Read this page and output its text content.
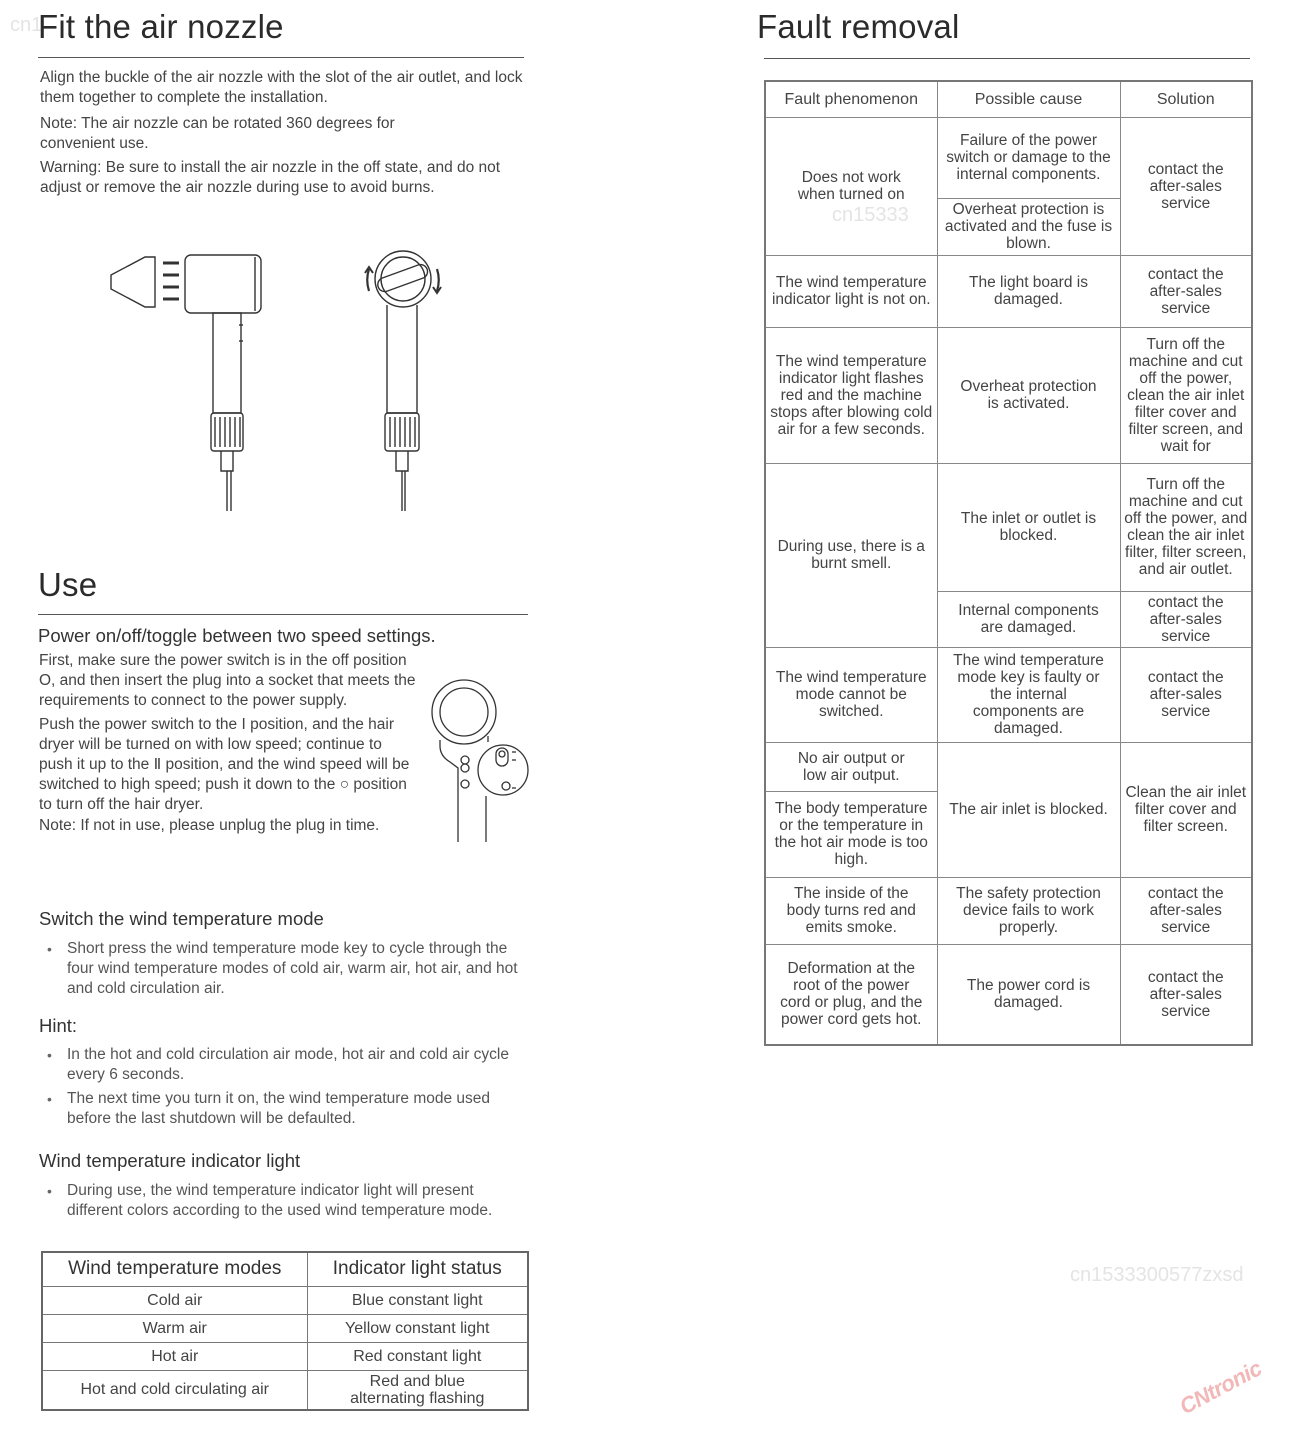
cn1
cn15333
cn1533300577zxsd
Fit the air nozzle

Align the buckle of the air nozzle with the slot of the air outlet, and lock them together to complete the installation.

Note: The air nozzle can be rotated 360 degrees for convenient use.

Warning: Be sure to install the air nozzle in the off state, and do not adjust or remove the air nozzle during use to avoid burns.

Use
Power on/off/toggle between two speed settings.

First, make sure the power switch is in the off position O, and then insert the plug into a socket that meets the requirements to connect to the power supply.

Push the power switch to the I position, and the hair dryer will be turned on with low speed; continue to push it up to the Ⅱ position, and the wind speed will be switched to high speed; push it down to the ○ position to turn off the hair dryer.

Note: If not in use, please unplug the plug in time.

Switch the wind temperature mode
• Short press the wind temperature mode key to cycle through the four wind temperature modes of cold air, warm air, hot air, and hot and cold circulation air.
Hint:
• In the hot and cold circulation air mode, hot air and cold air cycle every 6 seconds.
• The next time you turn it on, the wind temperature mode used before the last shutdown will be defaulted.
Wind temperature indicator light
• During use, the wind temperature indicator light will present different colors according to the used wind temperature mode.
Wind temperature modes	Indicator light status
Cold air	Blue constant light
Warm air	Yellow constant light
Hot air	Red constant light
Hot and cold circulating air	Red and blue alternating flashing
Fault removal
Fault phenomenon	Possible cause	Solution
Does not work when turned on	Failure of the power switch or damage to the internal components.	contact the after-sales service
	Overheat protection is activated and the fuse is blown.	
The wind temperature indicator light is not on.	The light board is damaged.	contact the after-sales service
The wind temperature indicator light flashes red and the machine stops after blowing cold air for a few seconds.	Overheat protection is activated.	Turn off the machine and cut off the power, clean the air inlet filter cover and filter screen, and wait for
During use, there is a burnt smell.	The inlet or outlet is blocked.	Turn off the machine and cut off the power, and clean the air inlet filter, filter screen, and air outlet.
	Internal components are damaged.	contact the after-sales service
The wind temperature mode cannot be switched.	The wind temperature mode key is faulty or the internal components are damaged.	contact the after-sales service
No air output or low air output.	The air inlet is blocked.	Clean the air inlet filter cover and filter screen.
The body temperature or the temperature in the hot air mode is too high.		
The inside of the body turns red and emits smoke.	The safety protection device fails to work properly.	contact the after-sales service
Deformation at the root of the power cord or plug, and the power cord gets hot.	The power cord is damaged.	contact the after-sales service
CNtronic
